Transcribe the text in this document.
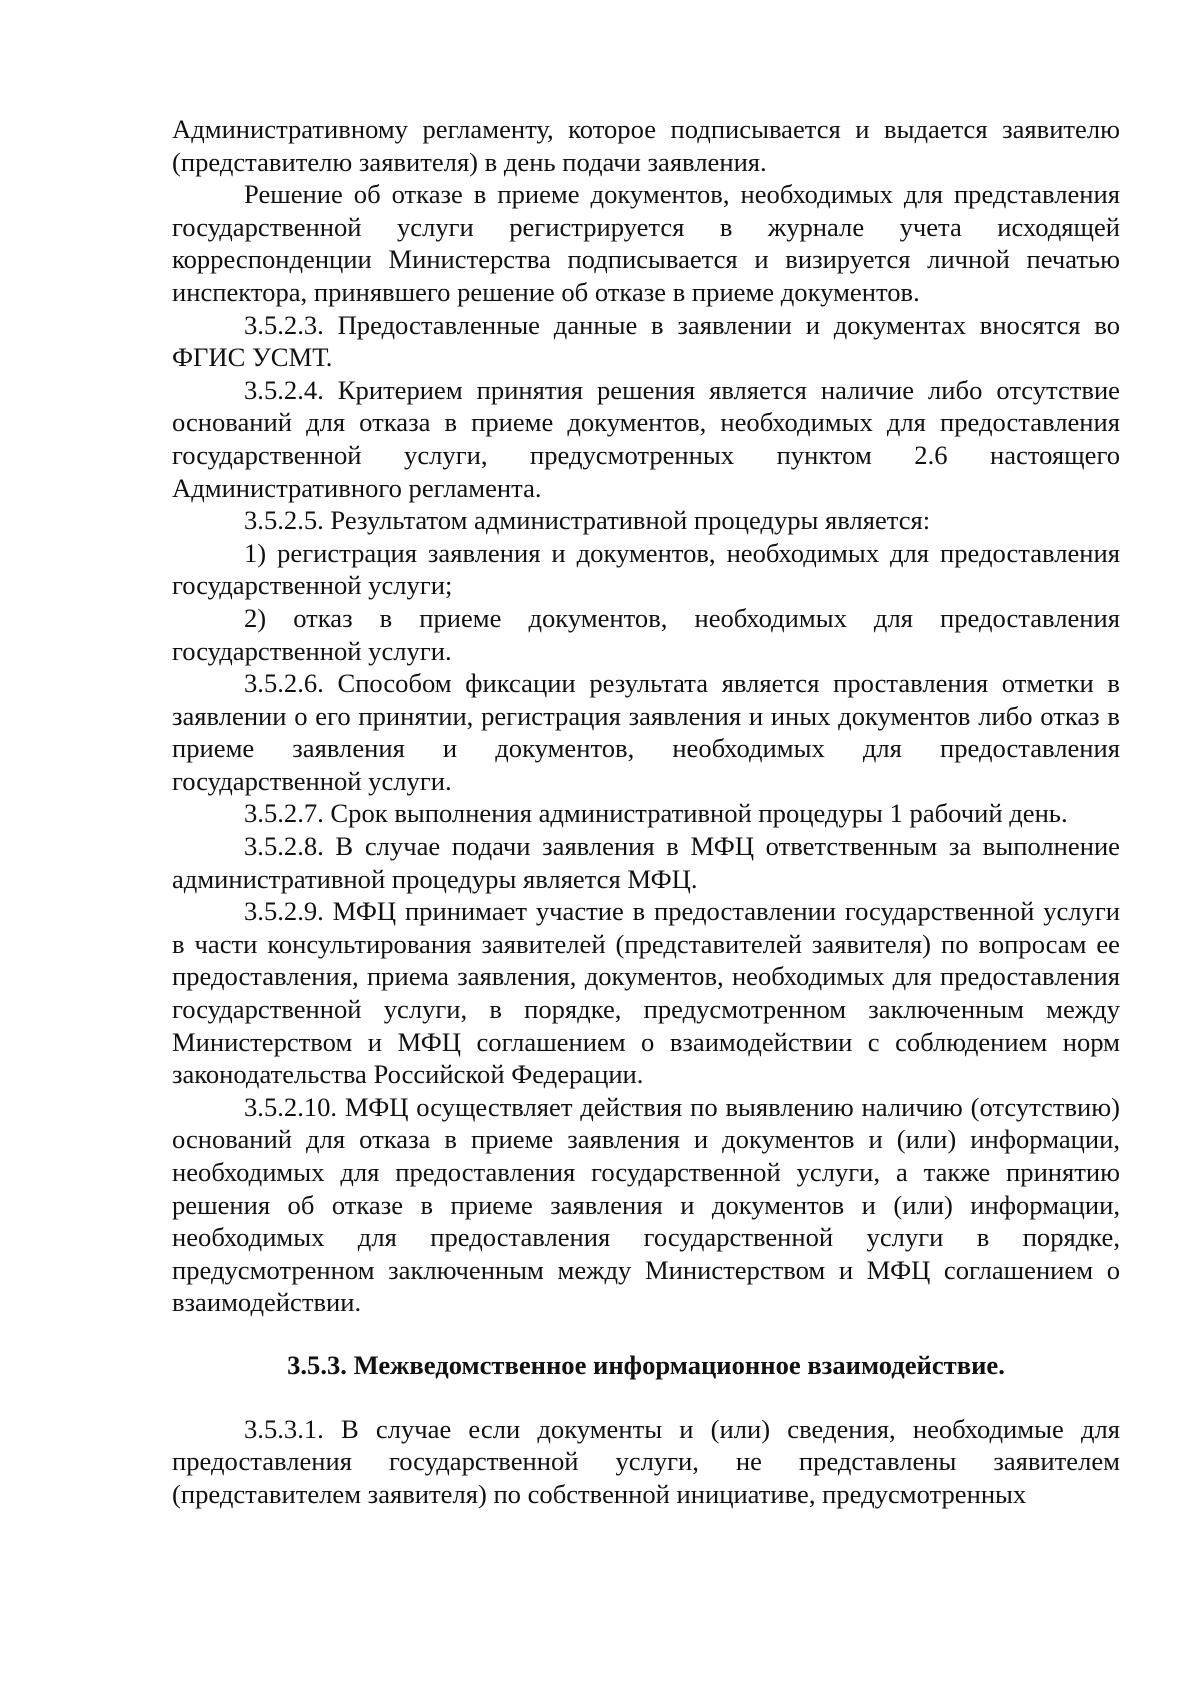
Административному регламенту, которое подписывается и выдается заявителю (представителю заявителя) в день подачи заявления.

Решение об отказе в приеме документов, необходимых для представления государственной услуги регистрируется в журнале учета исходящей корреспонденции Министерства подписывается и визируется личной печатью инспектора, принявшего решение об отказе в приеме документов.

3.5.2.3. Предоставленные данные в заявлении и документах вносятся во ФГИС УСМТ.

3.5.2.4. Критерием принятия решения является наличие либо отсутствие оснований для отказа в приеме документов, необходимых для предоставления государственной услуги, предусмотренных пунктом 2.6 настоящего Административного регламента.

3.5.2.5. Результатом административной процедуры является:

1) регистрация заявления и документов, необходимых для предоставления государственной услуги;

2) отказ в приеме документов, необходимых для предоставления государственной услуги.

3.5.2.6. Способом фиксации результата является проставления отметки в заявлении о его принятии, регистрация заявления и иных документов либо отказ в приеме заявления и документов, необходимых для предоставления государственной услуги.

3.5.2.7. Срок выполнения административной процедуры 1 рабочий день.

3.5.2.8. В случае подачи заявления в МФЦ ответственным за выполнение административной процедуры является МФЦ.

3.5.2.9. МФЦ принимает участие в предоставлении государственной услуги в части консультирования заявителей (представителей заявителя) по вопросам ее предоставления, приема заявления, документов, необходимых для предоставления государственной услуги, в порядке, предусмотренном заключенным между Министерством и МФЦ соглашением о взаимодействии с соблюдением норм законодательства Российской Федерации.

3.5.2.10. МФЦ осуществляет действия по выявлению наличию (отсутствию) оснований для отказа в приеме заявления и документов и (или) информации, необходимых для предоставления государственной услуги, а также принятию решения об отказе в приеме заявления и документов и (или) информации, необходимых для предоставления государственной услуги в порядке, предусмотренном заключенным между Министерством и МФЦ соглашением о взаимодействии.

3.5.3. Межведомственное информационное взаимодействие.

3.5.3.1. В случае если документы и (или) сведения, необходимые для предоставления государственной услуги, не представлены заявителем (представителем заявителя) по собственной инициативе, предусмотренных
